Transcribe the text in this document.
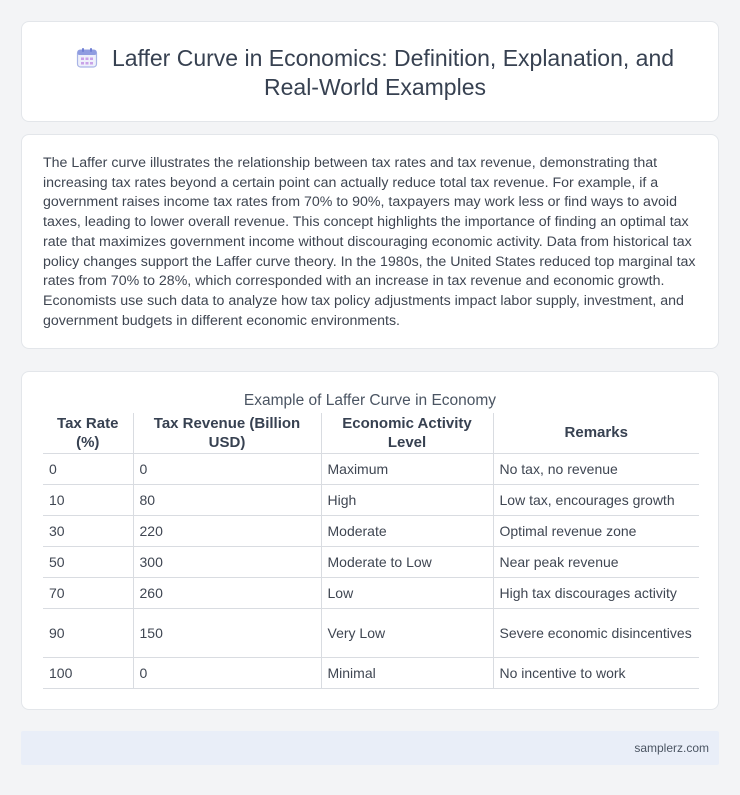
Laffer Curve in Economics: Definition, Explanation, and Real-World Examples

The Laffer curve illustrates the relationship between tax rates and tax revenue, demonstrating that increasing tax rates beyond a certain point can actually reduce total tax revenue. For example, if a government raises income tax rates from 70% to 90%, taxpayers may work less or find ways to avoid taxes, leading to lower overall revenue. This concept highlights the importance of finding an optimal tax rate that maximizes government income without discouraging economic activity. Data from historical tax policy changes support the Laffer curve theory. In the 1980s, the United States reduced top marginal tax rates from 70% to 28%, which corresponded with an increase in tax revenue and economic growth. Economists use such data to analyze how tax policy adjustments impact labor supply, investment, and government budgets in different economic environments.

Example of Laffer Curve in Economy
Tax Rate (%)	Tax Revenue (Billion USD)	Economic Activity Level	Remarks
0	0	Maximum	No tax, no revenue
10	80	High	Low tax, encourages growth
30	220	Moderate	Optimal revenue zone
50	300	Moderate to Low	Near peak revenue
70	260	Low	High tax discourages activity
90	150	Very Low	Severe economic disincentives
100	0	Minimal	No incentive to work
samplerz.com
